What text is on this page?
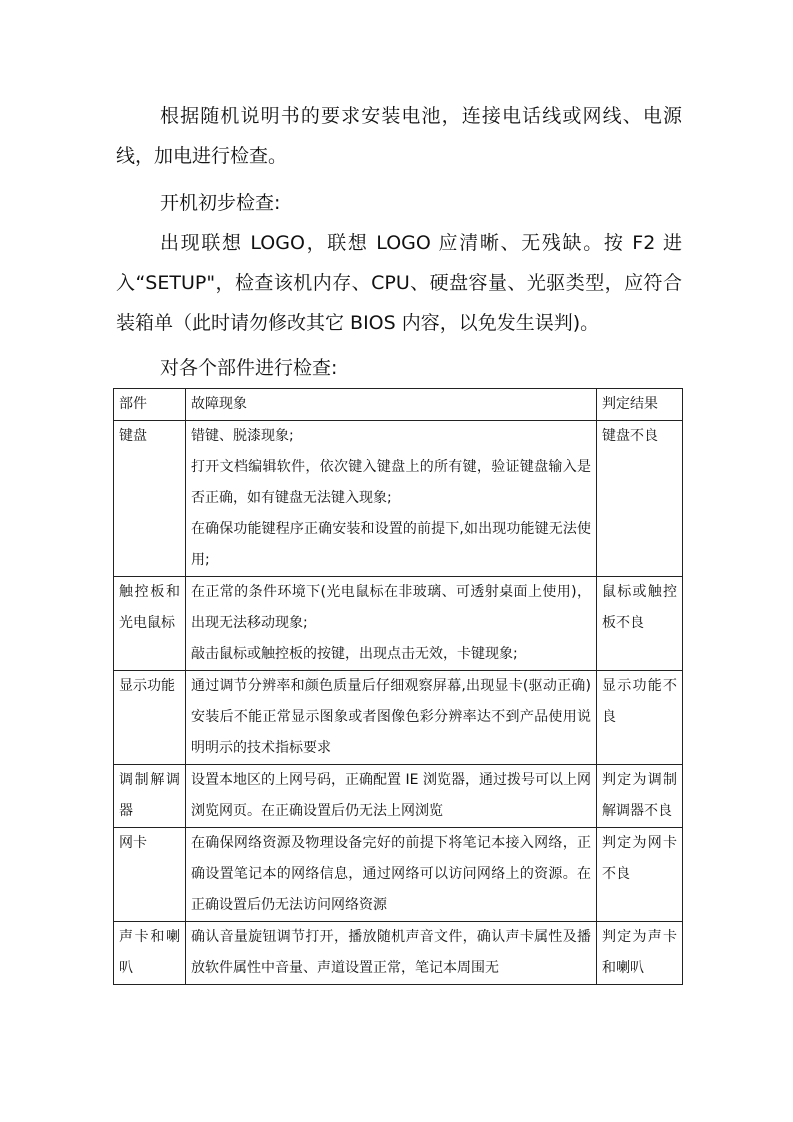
根据随机说明书的要求安装电池，连接电话线或网线、电源线，加电进行检查。

开机初步检查:

出现联想 LOGO，联想 LOGO 应清晰、无残缺。按 F2 进入“SETUP"，检查该机内存、CPU、硬盘容量、光驱类型，应符合装箱单（此时请勿修改其它 BIOS 内容，以免发生误判)。

对各个部件进行检查:

部件	故障现象	判定结果
键盘	错键、脱漆现象;
打开文档编辑软件，依次键入键盘上的所有键，验证键盘输入是否正确，如有键盘无法键入现象;
在确保功能键程序正确安装和设置的前提下,如出现功能键无法使用;	键盘不良
触控板和光电鼠标	在正常的条件环境下(光电鼠标在非玻璃、可透射桌面上使用)，出现无法移动现象;
敲击鼠标或触控板的按键，出现点击无效，卡键现象;	鼠标或触控板不良
显示功能	通过调节分辨率和颜色质量后仔细观察屏幕,出现显卡(驱动正确)安装后不能正常显示图象或者图像色彩分辨率达不到产品使用说明明示的技术指标要求	显示功能不良
调制解调器	设置本地区的上网号码，正确配置 IE 浏览器，通过拨号可以上网浏览网页。在正确设置后仍无法上网浏览	判定为调制解调器不良
网卡	在确保网络资源及物理设备完好的前提下将笔记本接入网络，正确设置笔记本的网络信息，通过网络可以访问网络上的资源。在正确设置后仍无法访问网络资源	判定为网卡不良
声卡和喇叭	确认音量旋钮调节打开，播放随机声音文件，确认声卡属性及播放软件属性中音量、声道设置正常，笔记本周围无	判定为声卡和喇叭
